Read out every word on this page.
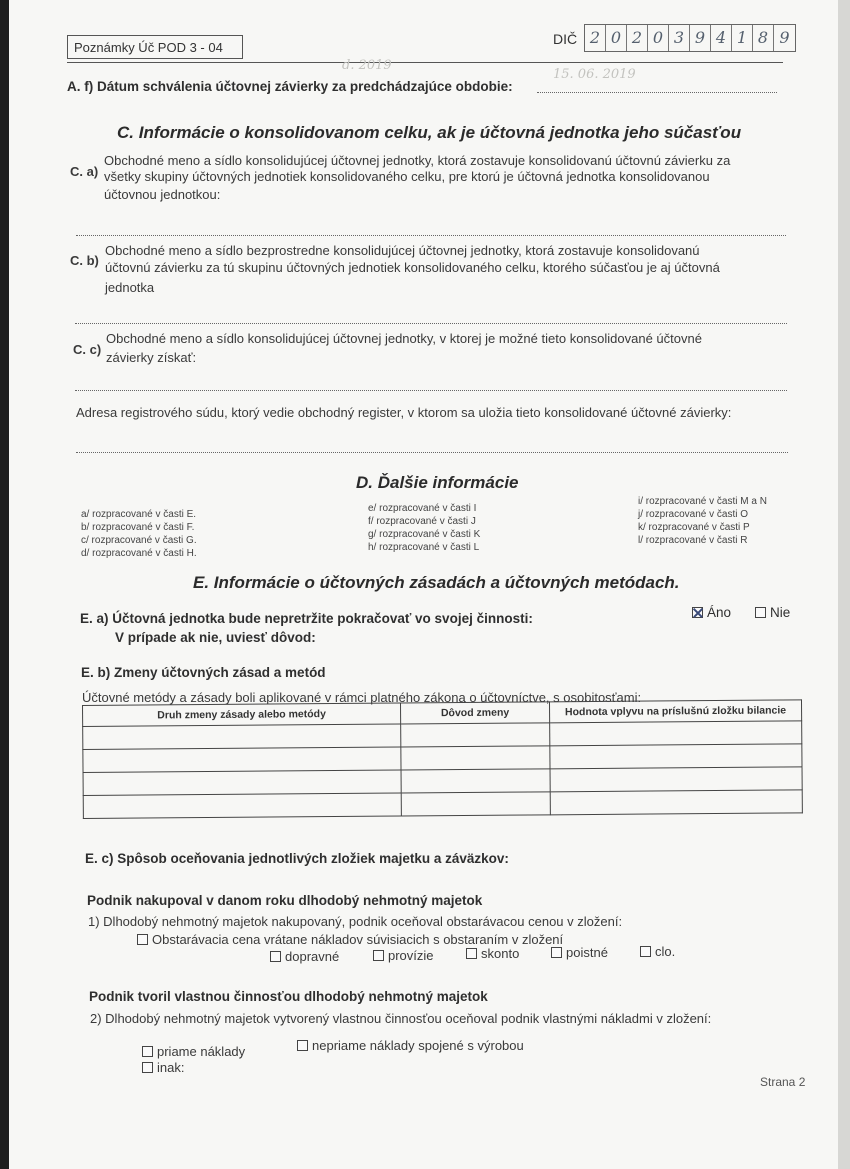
Poznámky Úč POD 3 - 04
DIČ 2 0 2 0 3 9 4 1 8 9
d. 2019
15. 06. 2019
A. f) Dátum schválenia účtovnej závierky za predchádzajúce obdobie:
C. Informácie o konsolidovanom celku, ak je účtovná jednotka jeho súčasťou
C. a)
Obchodné meno a sídlo konsolidujúcej účtovnej jednotky, ktorá zostavuje konsolidovanú účtovnú závierku za
všetky skupiny účtovných jednotiek konsolidovaného celku, pre ktorú je účtovná jednotka konsolidovanou
účtovnou jednotkou:
C. b)
Obchodné meno a sídlo bezprostredne konsolidujúcej účtovnej jednotky, ktorá zostavuje konsolidovanú
účtovnú závierku za tú skupinu účtovných jednotiek konsolidovaného celku, ktorého súčasťou je aj účtovná
jednotka
C. c)
Obchodné meno a sídlo konsolidujúcej účtovnej jednotky, v ktorej je možné tieto konsolidované účtovné
závierky získať:
Adresa registrového súdu, ktorý vedie obchodný register, v ktorom sa uložia tieto konsolidované účtovné závierky:
D. Ďalšie informácie
a/ rozpracované v časti E.
b/ rozpracované v časti F.
c/ rozpracované v časti G.
d/ rozpracované v časti H.
e/ rozpracované v časti I
f/ rozpracované v časti J
g/ rozpracované v časti K
h/ rozpracované v časti L
i/ rozpracované v časti M a N
j/ rozpracované v časti O
k/ rozpracované v časti P
l/ rozpracované v časti R
E. Informácie o účtovných zásadách a účtovných metódach.
E. a) Účtovná jednotka bude nepretržite pokračovať vo svojej činnosti:
V prípade ak nie, uviesť dôvod:
Áno	Nie
E. b) Zmeny účtovných zásad a metód
Účtovné metódy a zásady boli aplikované v rámci platného zákona o účtovníctve, s osobitosťami:
Druh zmeny zásady alebo metódy	Dôvod zmeny	Hodnota vplyvu na príslušnú zložku bilancie

E. c) Spôsob oceňovania jednotlivých zložiek majetku a záväzkov:
Podnik nakupoval v danom roku dlhodobý nehmotný majetok
1) Dlhodobý nehmotný majetok nakupovaný, podnik oceňoval obstarávacou cenou v zložení:
Obstarávacia cena vrátane nákladov súvisiacich s obstaraním v zložení
dopravné	provízie	skonto	poistné	clo.
Podnik tvoril vlastnou činnosťou dlhodobý nehmotný majetok
2) Dlhodobý nehmotný majetok vytvorený vlastnou činnosťou oceňoval podnik vlastnými nákladmi v zložení:
priame náklady	nepriame náklady spojené s výrobou
inak:
Strana 2
